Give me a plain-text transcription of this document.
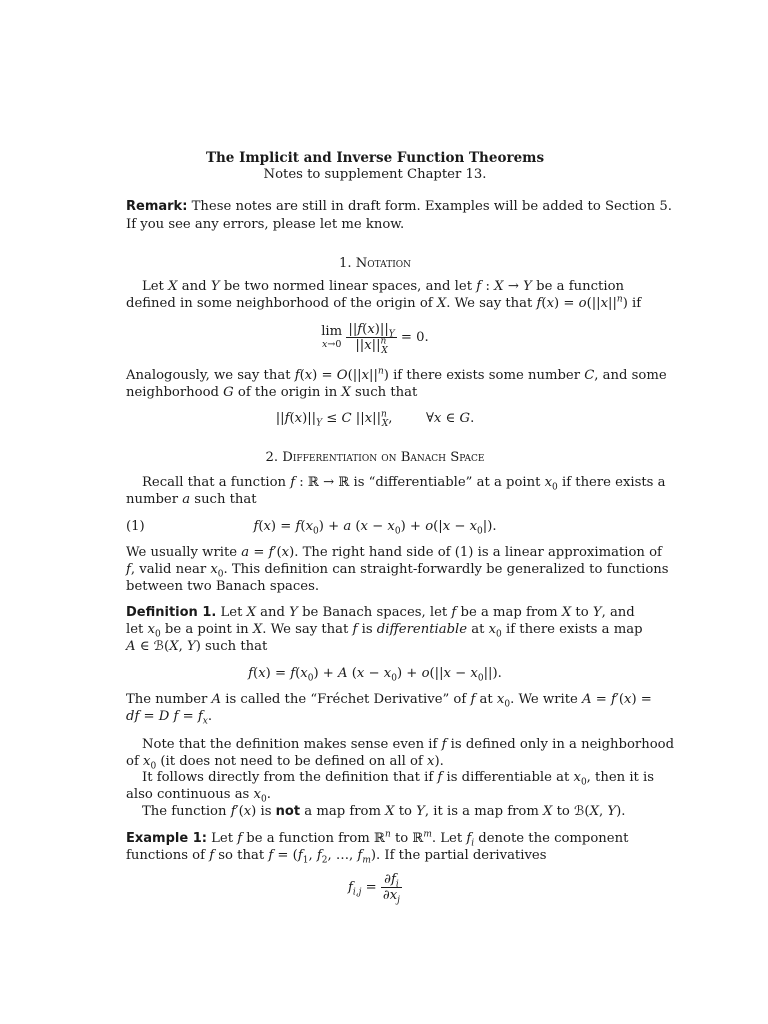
The Implicit and Inverse Function Theorems
Notes to supplement Chapter 13.
Remark: These notes are still in draft form. Examples will be added to Section 5.
If you see any errors, please let me know.
1. Notation
Let X and Y be two normed linear spaces, and let f : X → Y be a function
defined in some neighborhood of the origin of X. We say that $f(x) = o(||x||^n)$ if
lim
x→0
$\frac{||f(x)||_Y}{||x||^n_X} = 0$.
Analogously, we say that $f(x) = O(||x||^n)$ if there exists some number C, and some
neighborhood G of the origin in X such that
$||f(x)||_Y \le C$ $||x||^n_X$,        ∀x ∈ G.
2. Differentiation on Banach Space
Recall that a function f : ℝ → ℝ is “differentiable” at a point $x_0$ if there exists a
number a such that
(1)	$f(x) = f(x_0) + a$ $(x - x_0) + o(|x - x_0|)$.
We usually write a = f′(x). The right hand side of (1) is a linear approximation of
f, valid near $x_0$. This definition can straight-forwardly be generalized to functions
between two Banach spaces.
Definition 1. Let X and Y be Banach spaces, let f be a map from X to Y, and
let $x_0$ be a point in X. We say that f is differentiable at $x_0$ if there exists a map
A ∈ ℬ(X, Y) such that
$f(x) = f(x_0) + A$ $(x - x_0) + o(||x - x_0||)$.
The number A is called the “Fréchet Derivative” of f at $x_0$. We write A = f′(x) =
df = D $f = f_x$.
Note that the definition makes sense even if f is defined only in a neighborhood
of $x_0$ (it does not need to be defined on all of x).
It follows directly from the definition that if f is differentiable at $x_0$, then it is
also continuous as $x_0$.
The function f′(x) is not a map from X to Y, it is a map from X to ℬ(X, Y).
Example 1: Let f be a function from ℝ$^n$ to ℝ$^m$. Let $f_i$ denote the component
functions of f so that $f = (f_1$, $f_2$, …, $f_m$). If the partial derivatives
$f_{i,j} = \frac{\partial f_i}{\partial x_j}$
